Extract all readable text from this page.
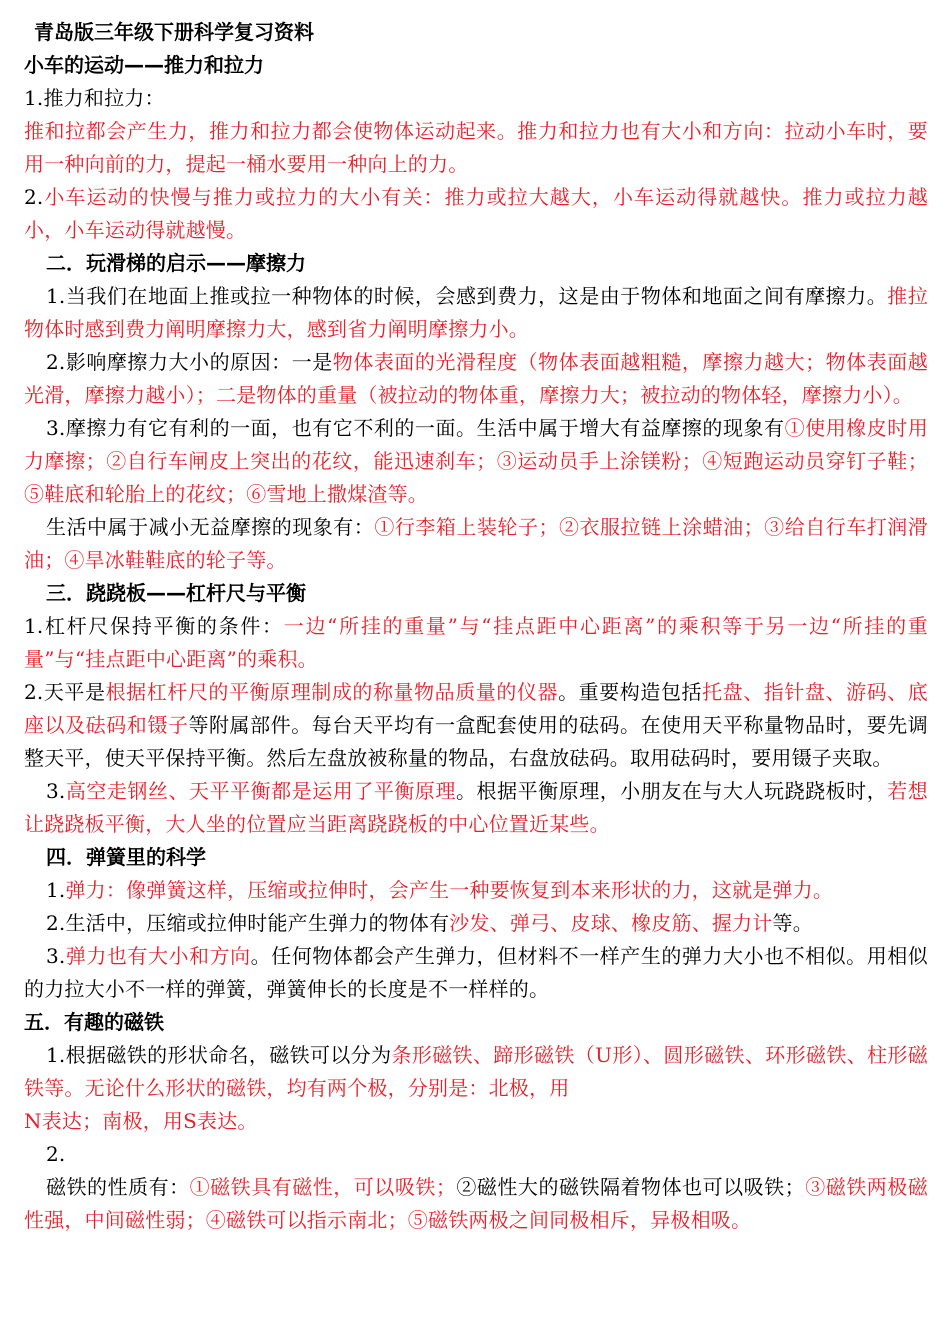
青岛版三年级下册科学复习资料
小车的运动——推力和拉力

1.推力和拉力：

推和拉都会产生力，推力和拉力都会使物体运动起来。推力和拉力也有大小和方向：拉动小车时，要用一种向前的力，提起一桶水要用一种向上的力。

2.小车运动的快慢与推力或拉力的大小有关：推力或拉大越大，小车运动得就越快。推力或拉力越小，小车运动得就越慢。

二．玩滑梯的启示——摩擦力

1.当我们在地面上推或拉一种物体的时候，会感到费力，这是由于物体和地面之间有摩擦力。推拉物体时感到费力阐明摩擦力大，感到省力阐明摩擦力小。

2.影响摩擦力大小的原因：一是物体表面的光滑程度（物体表面越粗糙，摩擦力越大；物体表面越光滑，摩擦力越小）；二是物体的重量（被拉动的物体重，摩擦力大；被拉动的物体轻，摩擦力小）。

3.摩擦力有它有利的一面，也有它不利的一面。生活中属于增大有益摩擦的现象有①使用橡皮时用力摩擦；②自行车闸皮上突出的花纹，能迅速刹车；③运动员手上涂镁粉；④短跑运动员穿钉子鞋；⑤鞋底和轮胎上的花纹；⑥雪地上撒煤渣等。

生活中属于减小无益摩擦的现象有：①行李箱上装轮子；②衣服拉链上涂蜡油；③给自行车打润滑油；④旱冰鞋鞋底的轮子等。

三．跷跷板——杠杆尺与平衡

1.杠杆尺保持平衡的条件：一边“所挂的重量”与“挂点距中心距离”的乘积等于另一边“所挂的重量”与“挂点距中心距离”的乘积。

2.天平是根据杠杆尺的平衡原理制成的称量物品质量的仪器。重要构造包括托盘、指针盘、游码、底座以及砝码和镊子等附属部件。每台天平均有一盒配套使用的砝码。在使用天平称量物品时，要先调整天平，使天平保持平衡。然后左盘放被称量的物品，右盘放砝码。取用砝码时，要用镊子夹取。

3.高空走钢丝、天平平衡都是运用了平衡原理。根据平衡原理，小朋友在与大人玩跷跷板时，若想让跷跷板平衡，大人坐的位置应当距离跷跷板的中心位置近某些。

四．弹簧里的科学

1.弹力：像弹簧这样，压缩或拉伸时，会产生一种要恢复到本来形状的力，这就是弹力。

2.生活中，压缩或拉伸时能产生弹力的物体有沙发、弹弓、皮球、橡皮筋、握力计等。

3.弹力也有大小和方向。任何物体都会产生弹力，但材料不一样产生的弹力大小也不相似。用相似的力拉大小不一样的弹簧，弹簧伸长的长度是不一样样的。

五．有趣的磁铁

1.根据磁铁的形状命名，磁铁可以分为条形磁铁、蹄形磁铁（U形）、圆形磁铁、环形磁铁、柱形磁铁等。无论什么形状的磁铁，均有两个极，分别是：北极，用

N表达；南极，用S表达。

2.

磁铁的性质有：①磁铁具有磁性，可以吸铁；②磁性大的磁铁隔着物体也可以吸铁；③磁铁两极磁性强，中间磁性弱；④磁铁可以指示南北；⑤磁铁两极之间同极相斥，异极相吸。
